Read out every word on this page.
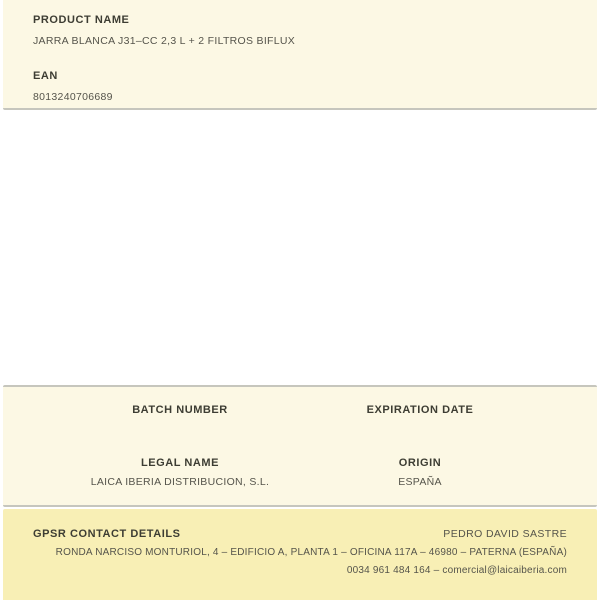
PRODUCT NAME
JARRA BLANCA J31–CC 2,3 L + 2 FILTROS BIFLUX
EAN
8013240706689
BATCH NUMBER	EXPIRATION DATE
LEGAL NAME
LAICA IBERIA DISTRIBUCION, S.L.
ORIGIN
ESPAÑA
GPSR CONTACT DETAILS	PEDRO DAVID SASTRE
RONDA NARCISO MONTURIOL, 4 – EDIFICIO A, PLANTA 1 – OFICINA 117A – 46980 – PATERNA (ESPAÑA)
0034 961 484 164 – comercial@laicaiberia.com
